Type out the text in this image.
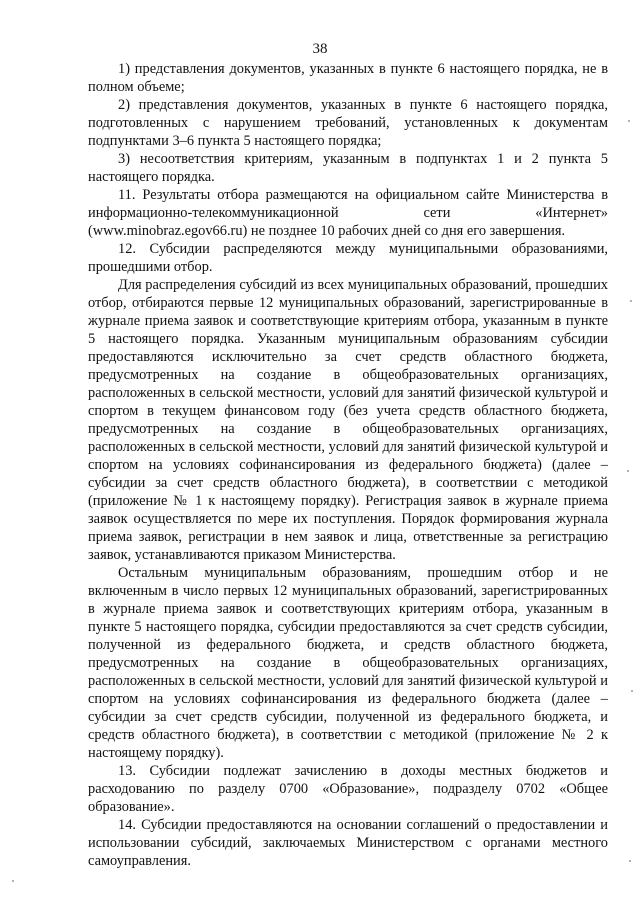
38

1) представления документов, указанных в пункте 6 настоящего порядка, не в полном объеме;

2) представления документов, указанных в пункте 6 настоящего порядка, подготовленных с нарушением требований, установленных к документам подпунктами 3–6 пункта 5 настоящего порядка;

3) несоответствия критериям, указанным в подпунктах 1 и 2 пункта 5 настоящего порядка.

11. Результаты отбора размещаются на официальном сайте Министерства в информационно-телекоммуникационной сети «Интернет» (www.minobraz.egov66.ru) не позднее 10 рабочих дней со дня его завершения.

12. Субсидии распределяются между муниципальными образованиями, прошедшими отбор.

Для распределения субсидий из всех муниципальных образований, прошедших отбор, отбираются первые 12 муниципальных образований, зарегистрированные в журнале приема заявок и соответствующие критериям отбора, указанным в пункте 5 настоящего порядка. Указанным муниципальным образованиям субсидии предоставляются исключительно за счет средств областного бюджета, предусмотренных на создание в общеобразовательных организациях, расположенных в сельской местности, условий для занятий физической культурой и спортом в текущем финансовом году (без учета средств областного бюджета, предусмотренных на создание в общеобразовательных организациях, расположенных в сельской местности, условий для занятий физической культурой и спортом на условиях софинансирования из федерального бюджета) (далее – субсидии за счет средств областного бюджета), в соответствии с методикой (приложение № 1 к настоящему порядку). Регистрация заявок в журнале приема заявок осуществляется по мере их поступления. Порядок формирования журнала приема заявок, регистрации в нем заявок и лица, ответственные за регистрацию заявок, устанавливаются приказом Министерства.

Остальным муниципальным образованиям, прошедшим отбор и не включенным в число первых 12 муниципальных образований, зарегистрированных в журнале приема заявок и соответствующих критериям отбора, указанным в пункте 5 настоящего порядка, субсидии предоставляются за счет средств субсидии, полученной из федерального бюджета, и средств областного бюджета, предусмотренных на создание в общеобразовательных организациях, расположенных в сельской местности, условий для занятий физической культурой и спортом на условиях софинансирования из федерального бюджета (далее – субсидии за счет средств субсидии, полученной из федерального бюджета, и средств областного бюджета), в соответствии с методикой (приложение № 2 к настоящему порядку).

13. Субсидии подлежат зачислению в доходы местных бюджетов и расходованию по разделу 0700 «Образование», подразделу 0702 «Общее образование».

14. Субсидии предоставляются на основании соглашений о предоставлении и использовании субсидий, заключаемых Министерством с органами местного самоуправления.
